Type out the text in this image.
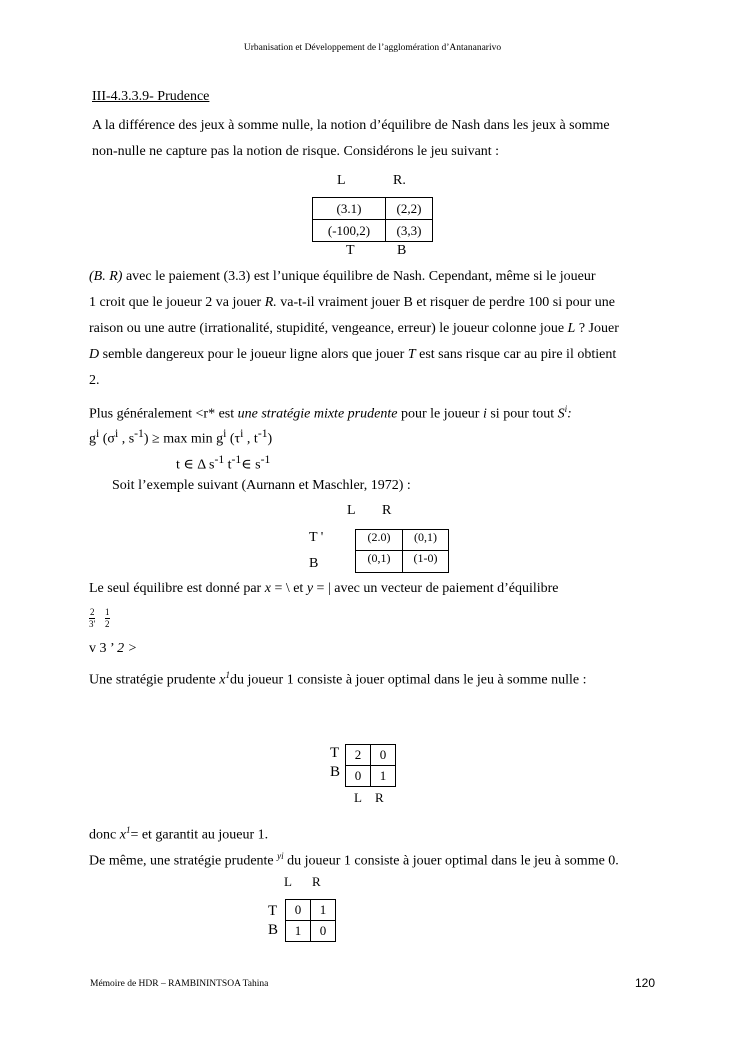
Urbanisation et Développement de l’agglomération d’Antananarivo
III-4.3.3.9- Prudence
A la différence des jeux à somme nulle, la notion d’équilibre de Nash dans les jeux à somme
non-nulle ne capture pas la notion de risque. Considérons le jeu suivant :
L	R.
(3.1)	(2,2)
(-100,2)	(3,3)
T	B
(B. R) avec le paiement (3.3) est l’unique équilibre de Nash. Cependant, même si le joueur
1 croit que le joueur 2 va jouer R. va-t-il vraiment jouer B et risquer de perdre 100 si pour une
raison ou une autre (irrationalité, stupidité, vengeance, erreur) le joueur colonne joue L ? Jouer
D semble dangereux pour le joueur ligne alors que jouer T est sans risque car au pire il obtient
2.
Plus généralement <r* est une stratégie mixte prudente pour le joueur i si pour tout $S^i$:
$g^i$ ($\sigma^i$ , $s^{-1}) \ge \max \min g^i$ ($\tau^i$ , $t^{-1}$)
t ∈ Δ $s^{-1}$ $t^{-1}\in$ $s^{-1}$
Soit l’exemple suivant (Aurnann et Maschler, 1972) :
L R
T '
B
(2.0)	(0,1)
(0,1)	(1-0)
Le seul équilibre est donné par x = \ et y = | avec un vecteur de paiement d’équilibre
$\frac{2}{3'} \frac{1}{2}$
v 3 ’ 2 >
Une stratégie prudente $x^1du$ joueur 1 consiste à jouer optimal dans le jeu à somme nulle :
T
B
2	0
0	1
L R
donc $x^1=$ et garantit au joueur 1.
De même, une stratégie prudente $^{yi}$ du joueur 1 consiste à jouer optimal dans le jeu à somme 0.
L R
T
B
0	1
1	0
Mémoire de HDR – RAMBININTSOA Tahina	120
